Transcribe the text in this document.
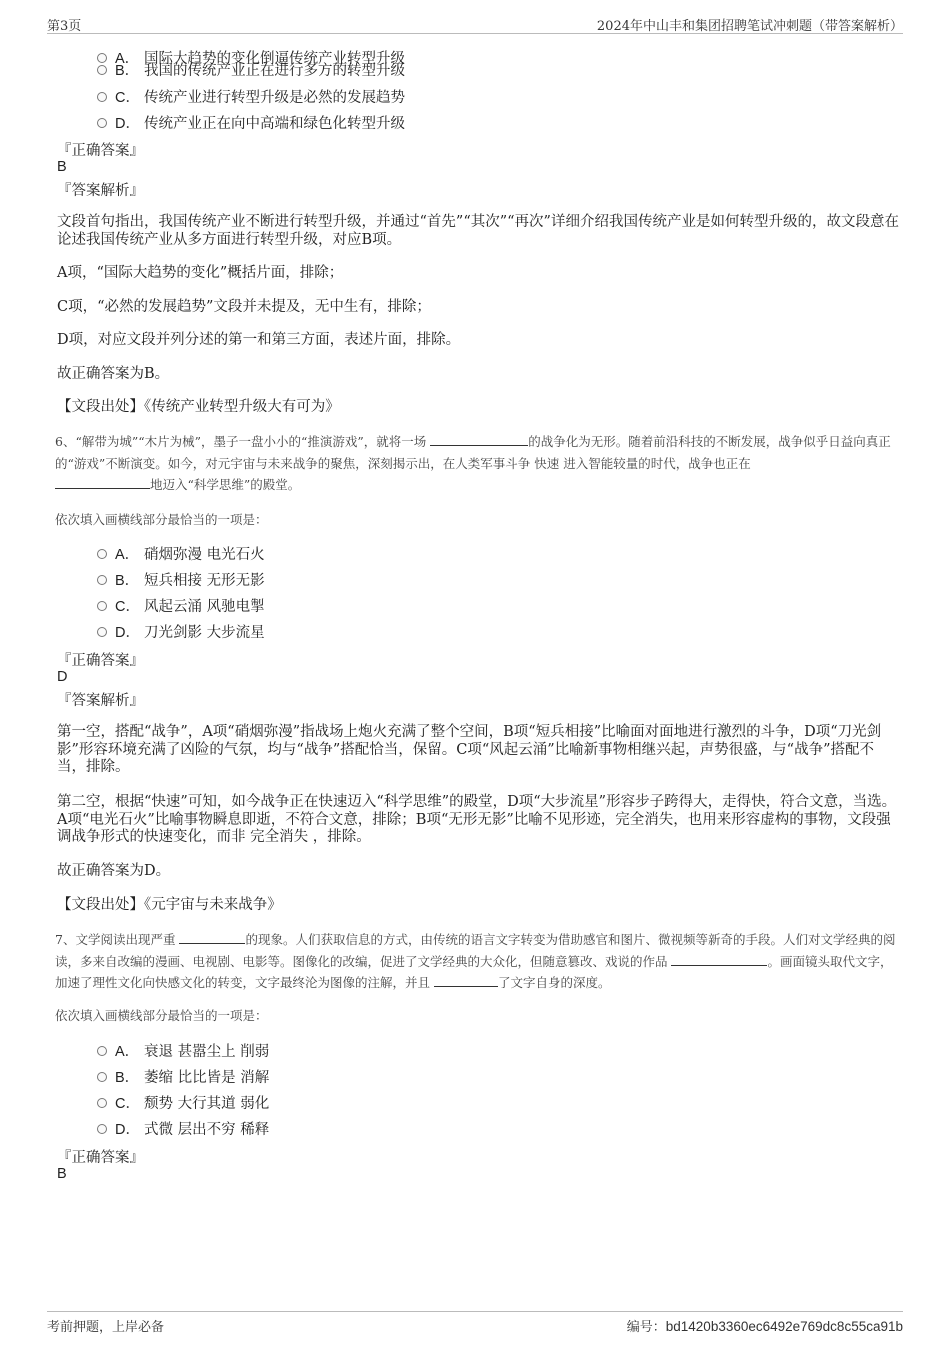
第3页	2024年中山丰和集团招聘笔试冲刺题（带答案解析）
A． 国际大趋势的变化倒逼传统产业转型升级
B． 我国的传统产业正在进行多方的转型升级
C． 传统产业进行转型升级是必然的发展趋势
D． 传统产业正在向中高端和绿色化转型升级
『正确答案』
B
『答案解析』
文段首句指出，我国传统产业不断进行转型升级，并通过“首先”“其次”“再次”详细介绍我国传统产业是如何转型升级的，故文段意在论述我国传统产业从多方面进行转型升级，对应B项。
A项，“国际大趋势的变化”概括片面，排除；
C项，“必然的发展趋势”文段并未提及，无中生有，排除；
D项，对应文段并列分述的第一和第三方面，表述片面，排除。
故正确答案为B。
【文段出处】《传统产业转型升级大有可为》
6、“解带为城”“木片为械”，墨子一盘小小的“推演游戏”，就将一场	的战争化为无形。随着前沿科技的不断发展，战争似乎日益向真正的“游戏”不断演变。如今，对元宇宙与未来战争的聚焦，深刻揭示出，在人类军事斗争 快速 进入智能较量的时代，战争也正在
地迈入“科学思维”的殿堂。
依次填入画横线部分最恰当的一项是：
A． 硝烟弥漫 电光石火
B． 短兵相接 无形无影
C． 风起云涌 风驰电掣
D． 刀光剑影 大步流星
『正确答案』
D
『答案解析』
第一空，搭配“战争”，A项“硝烟弥漫”指战场上炮火充满了整个空间，B项“短兵相接”比喻面对面地进行激烈的斗争，D项“刀光剑影”形容环境充满了凶险的气氛，均与“战争”搭配恰当，保留。C项“风起云涌”比喻新事物相继兴起，声势很盛，与“战争”搭配不当，排除。
第二空，根据“快速”可知，如今战争正在快速迈入“科学思维”的殿堂，D项“大步流星”形容步子跨得大，走得快，符合文意，当选。A项“电光石火”比喻事物瞬息即逝，不符合文意，排除；B项“无形无影”比喻不见形迹，完全消失，也用来形容虚构的事物，文段强调战争形式的快速变化，而非 完全消失 ，排除。
故正确答案为D。
【文段出处】《元宇宙与未来战争》
7、文学阅读出现严重	的现象。人们获取信息的方式，由传统的语言文字转变为借助感官和图片、微视频等新奇的手段。人们对文学经典的阅读，多来自改编的漫画、电视剧、电影等。图像化的改编，促进了文学经典的大众化，但随意篡改、戏说的作品	。画面镜头取代文字，加速了理性文化向快感文化的转变，文字最终沦为图像的注解，并且	了文字自身的深度。
依次填入画横线部分最恰当的一项是：
A． 衰退 甚嚣尘上 削弱
B． 萎缩 比比皆是 消解
C． 颓势 大行其道 弱化
D． 式微 层出不穷 稀释
『正确答案』
B
考前押题，上岸必备	编号：bd1420b3360ec6492e769dc8c55ca91b
